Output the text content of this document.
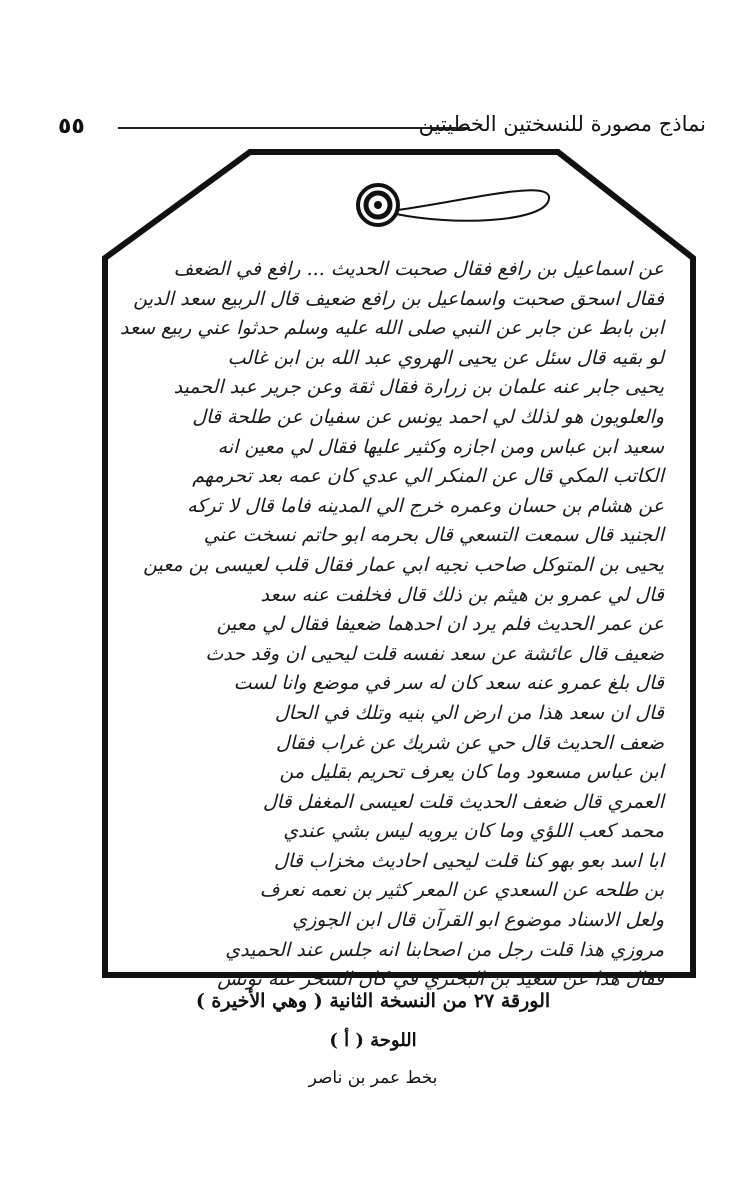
٥٥	نماذج مصورة للنسختين الخطيتين
عن اسماعيل بن رافع فقال صحبت الحديث ... رافع في الضعف
فقال اسحق صحبت واسماعيل بن رافع ضعيف قال الربيع سعد الدين
ابن بابط عن جابر عن النبي صلى الله عليه وسلم حدثوا عني ربيع سعد
لو بقيه قال سئل عن يحيى الهروي عبد الله بن ابن غالب
يحيى جابر عنه علمان بن زرارة فقال ثقة وعن جرير عبد الحميد
والعلويون هو لذلك لي احمد يونس عن سفيان عن طلحة قال
سعيد ابن عباس ومن اجازه وكثير عليها فقال لي معين انه
الكاتب المكي قال عن المنكر الي عدي كان عمه بعد تحرمهم
عن هشام بن حسان وعمره خرج الي المدينه فاما قال لا تركه
الجنيد قال سمعت التسعي قال بحرمه ابو حاتم نسخت عني
يحيى بن المتوكل صاحب نجيه ابي عمار فقال قلب لعيسى بن معين
قال لي عمرو بن هيثم بن ذلك قال فخلفت عنه سعد
عن عمر الحديث فلم يرد ان احدهما ضعيفا فقال لي معين
ضعيف قال عائشة عن سعد نفسه قلت ليحيى ان وقد حدث
قال بلغ عمرو عنه سعد كان له سر في موضع وانا لست
قال ان سعد هذا من ارض الي بنيه وتلك في الحال
ضعف الحديث قال حي عن شريك عن غراب فقال
ابن عباس مسعود وما كان يعرف تحريم بقليل من
العمري قال ضعف الحديث قلت لعيسى المغفل قال
محمد كعب اللؤي وما كان يرويه ليس بشي عندي
ابا اسد بعو بهو كنا قلت ليحيى احاديث مخزاب قال
بن طلحه عن السعدي عن المعر كثير بن نعمه نعرف
ولعل الاسناد موضوع ابو القرآن قال ابن الجوزي
مروزي هذا قلت رجل من اصحابنا انه جلس عند الحميدي
فقال هذا عن سعيد بن البختري في كان السحر عنه تونس
الورقة ٢٧ من النسخة الثانية ( وهي الأخيرة )
اللوحة ( أ )
بخط عمر بن ناصر
